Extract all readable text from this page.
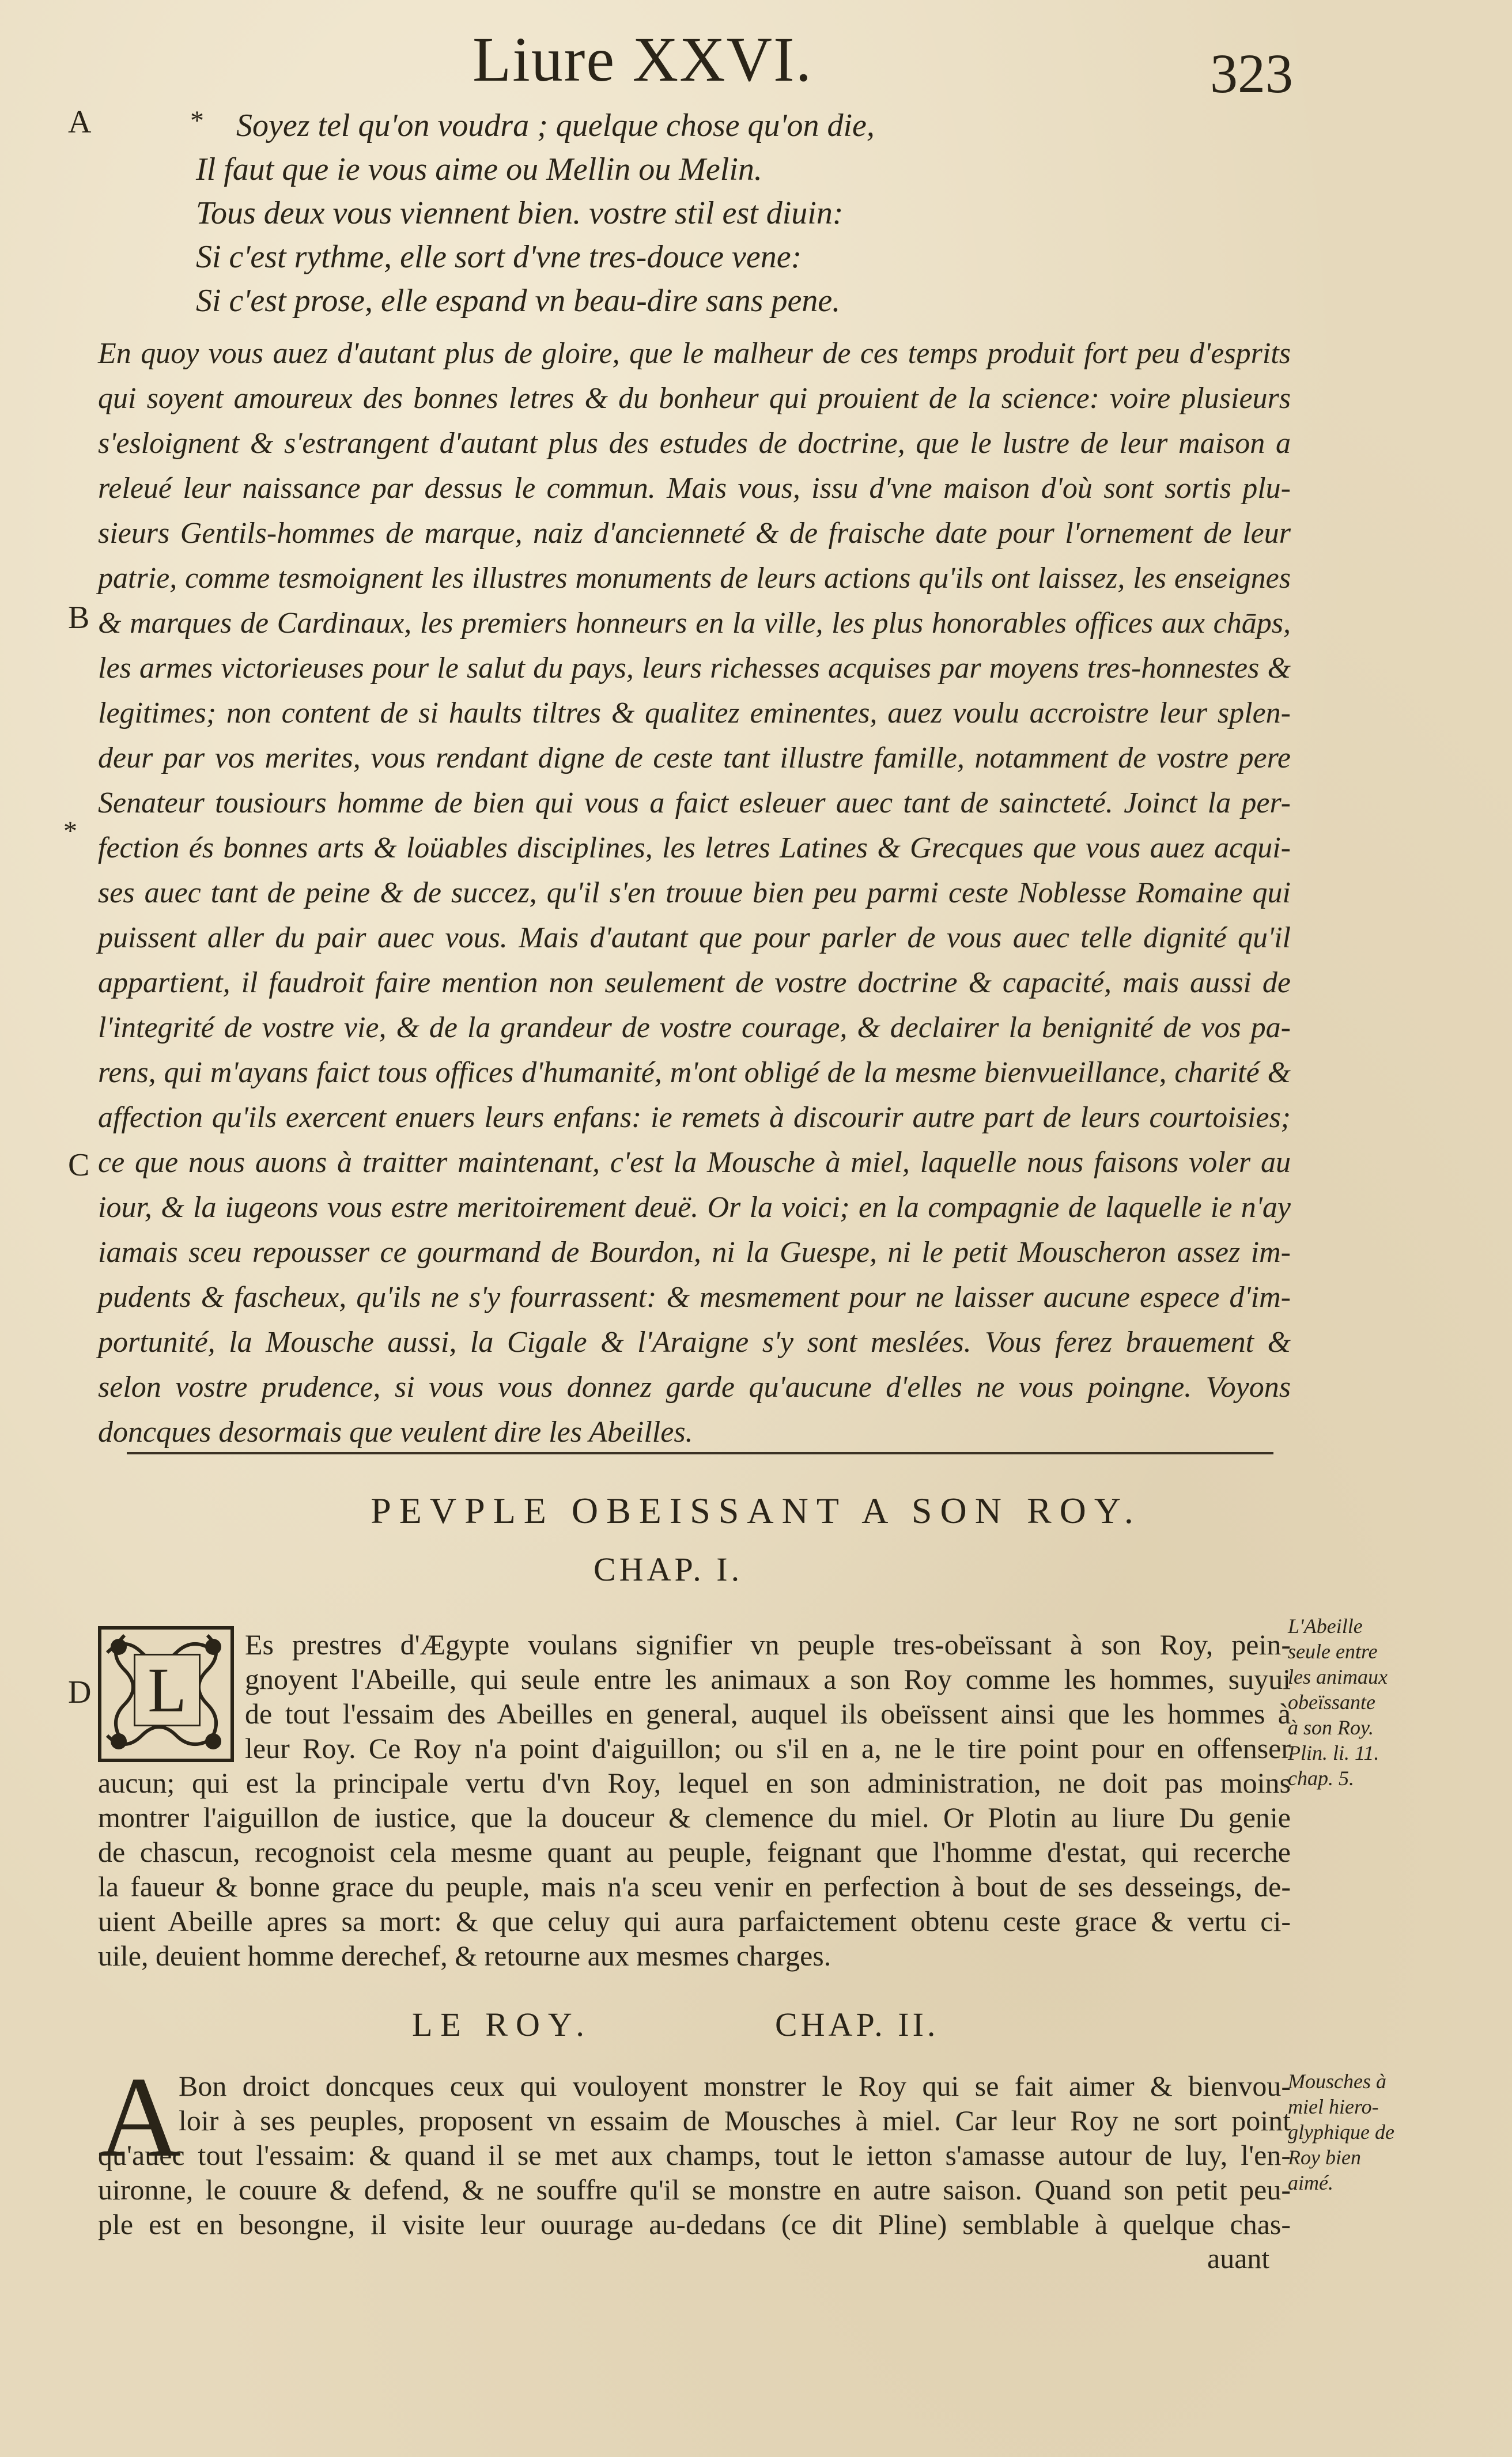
Liure XXVI.	323
A
B
C
D
*
*
Soyez tel qu'on voudra ; quelque chose qu'on die,
Il faut que ie vous aime ou Mellin ou Melin.
Tous deux vous viennent bien. vostre stil est diuin:
Si c'est rythme, elle sort d'vne tres-douce vene:
Si c'est prose, elle espand vn beau-dire sans pene.
En quoy vous auez d'autant plus de gloire, que le malheur de ces temps produit fort peu d'esprits
qui soyent amoureux des bonnes letres & du bonheur qui prouient de la science: voire plusieurs
s'esloignent & s'estrangent d'autant plus des estudes de doctrine, que le lustre de leur maison a
releué leur naissance par dessus le commun. Mais vous, issu d'vne maison d'où sont sortis plu-
sieurs Gentils-hommes de marque, naiz d'ancienneté & de fraische date pour l'ornement de leur
patrie, comme tesmoignent les illustres monuments de leurs actions qu'ils ont laissez, les enseignes
& marques de Cardinaux, les premiers honneurs en la ville, les plus honorables offices aux chāps,
les armes victorieuses pour le salut du pays, leurs richesses acquises par moyens tres-honnestes &
legitimes; non content de si haults tiltres & qualitez eminentes, auez voulu accroistre leur splen-
deur par vos merites, vous rendant digne de ceste tant illustre famille, notamment de vostre pere
Senateur tousiours homme de bien qui vous a faict esleuer auec tant de saincteté. Joinct la per-
fection és bonnes arts & loüables disciplines, les letres Latines & Grecques que vous auez acqui-
ses auec tant de peine & de succez, qu'il s'en trouue bien peu parmi ceste Noblesse Romaine qui
puissent aller du pair auec vous. Mais d'autant que pour parler de vous auec telle dignité qu'il
appartient, il faudroit faire mention non seulement de vostre doctrine & capacité, mais aussi de
l'integrité de vostre vie, & de la grandeur de vostre courage, & declairer la benignité de vos pa-
rens, qui m'ayans faict tous offices d'humanité, m'ont obligé de la mesme bienvueillance, charité &
affection qu'ils exercent enuers leurs enfans: ie remets à discourir autre part de leurs courtoisies;
ce que nous auons à traitter maintenant, c'est la Mousche à miel, laquelle nous faisons voler au
iour, & la iugeons vous estre meritoirement deuë. Or la voici; en la compagnie de laquelle ie n'ay
iamais sceu repousser ce gourmand de Bourdon, ni la Guespe, ni le petit Mouscheron assez im-
pudents & fascheux, qu'ils ne s'y fourrassent: & mesmement pour ne laisser aucune espece d'im-
portunité, la Mousche aussi, la Cigale & l'Araigne s'y sont meslées. Vous ferez brauement &
selon vostre prudence, si vous vous donnez garde qu'aucune d'elles ne vous poingne. Voyons
doncques desormais que veulent dire les Abeilles.
PEVPLE OBEISSANT A SON ROY.
CHAP. I.
L
Es prestres d'Ægypte voulans signifier vn peuple tres-obeïssant à son Roy, pein-
gnoyent l'Abeille, qui seule entre les animaux a son Roy comme les hommes, suyui
de tout l'essaim des Abeilles en general, auquel ils obeïssent ainsi que les hommes à
leur Roy. Ce Roy n'a point d'aiguillon; ou s'il en a, ne le tire point pour en offenser
aucun; qui est la principale vertu d'vn Roy, lequel en son administration, ne doit pas moins
montrer l'aiguillon de iustice, que la douceur & clemence du miel. Or Plotin au liure Du genie
de chascun, recognoist cela mesme quant au peuple, feignant que l'homme d'estat, qui recerche
la faueur & bonne grace du peuple, mais n'a sceu venir en perfection à bout de ses desseings, de-
uient Abeille apres sa mort: & que celuy qui aura parfaictement obtenu ceste grace & vertu ci-
uile, deuient homme derechef, & retourne aux mesmes charges.
L'Abeille
seule entre
les animaux
obeïssante
à son Roy.
Plin. li. 11.
chap. 5.
LE ROY.	CHAP. II.
A
Bon droict doncques ceux qui vouloyent monstrer le Roy qui se fait aimer & bienvou-
loir à ses peuples, proposent vn essaim de Mousches à miel. Car leur Roy ne sort point
qu'auec tout l'essaim: & quand il se met aux champs, tout le ietton s'amasse autour de luy, l'en-
uironne, le couure & defend, & ne souffre qu'il se monstre en autre saison. Quand son petit peu-
ple est en besongne, il visite leur ouurage au-dedans (ce dit Pline) semblable à quelque chas-
Mousches à
miel hiero-
glyphique de
Roy bien
aimé.
auant
